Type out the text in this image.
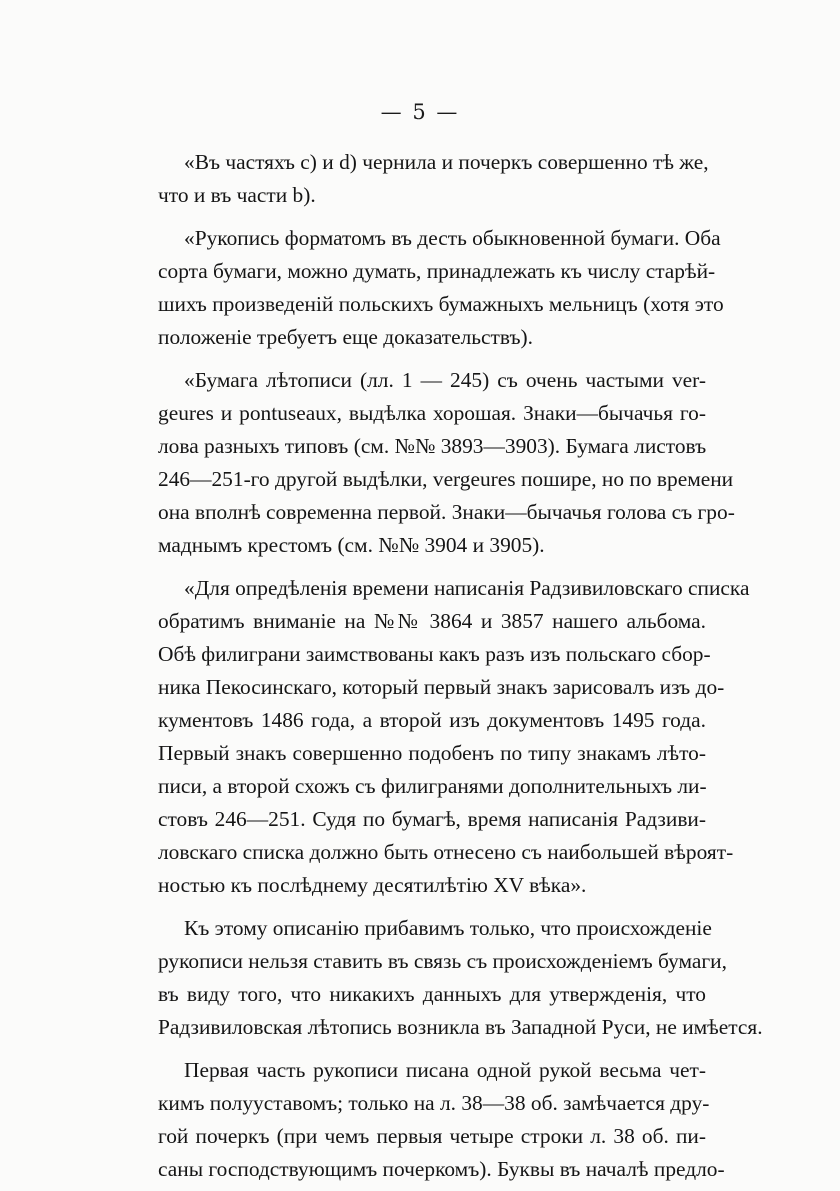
— 5 —
«Въ частяхъ c) и d) чернила и почеркъ совершенно тѣ же,
что и въ части b).
«Рукопись форматомъ въ десть обыкновенной бумаги. Оба
сорта бумаги, можно думать, принадлежать къ числу старѣй-
шихъ произведеній польскихъ бумажныхъ мельницъ (хотя это
положеніе требуетъ еще доказательствъ).
«Бумага лѣтописи (лл. 1 — 245) съ очень частыми ver-
geures и pontuseaux, выдѣлка хорошая. Знаки—бычачья го-
лова разныхъ типовъ (см. №№ 3893—3903). Бумага листовъ
246—251-го другой выдѣлки, vergeures пошире, но по времени
она вполнѣ современна первой. Знаки—бычачья голова съ гро-
маднымъ крестомъ (см. №№ 3904 и 3905).
«Для опредѣленія времени написанія Радзивиловскаго списка
обратимъ вниманіе на №№ 3864 и 3857 нашего альбома.
Обѣ филиграни заимствованы какъ разъ изъ польскаго сбор-
ника Пекосинскаго, который первый знакъ зарисовалъ изъ до-
кументовъ 1486 года, а второй изъ документовъ 1495 года.
Первый знакъ совершенно подобенъ по типу знакамъ лѣто-
писи, а второй схожъ съ филигранями дополнительныхъ ли-
стовъ 246—251. Судя по бумагѣ, время написанія Радзиви-
ловскаго списка должно быть отнесено съ наибольшей вѣроят-
ностью къ послѣднему десятилѣтію XV вѣка».
Къ этому описанію прибавимъ только, что происхожденіе
рукописи нельзя ставить въ связь съ происхожденіемъ бумаги,
въ виду того, что никакихъ данныхъ для утвержденія, что
Радзивиловская лѣтопись возникла въ Западной Руси, не имѣется.
Первая часть рукописи писана одной рукой весьма чет-
кимъ полууставомъ; только на л. 38—38 об. замѣчается дру-
гой почеркъ (при чемъ первыя четыре строки л. 38 об. пи-
саны господствующимъ почеркомъ). Буквы въ началѣ предло-
